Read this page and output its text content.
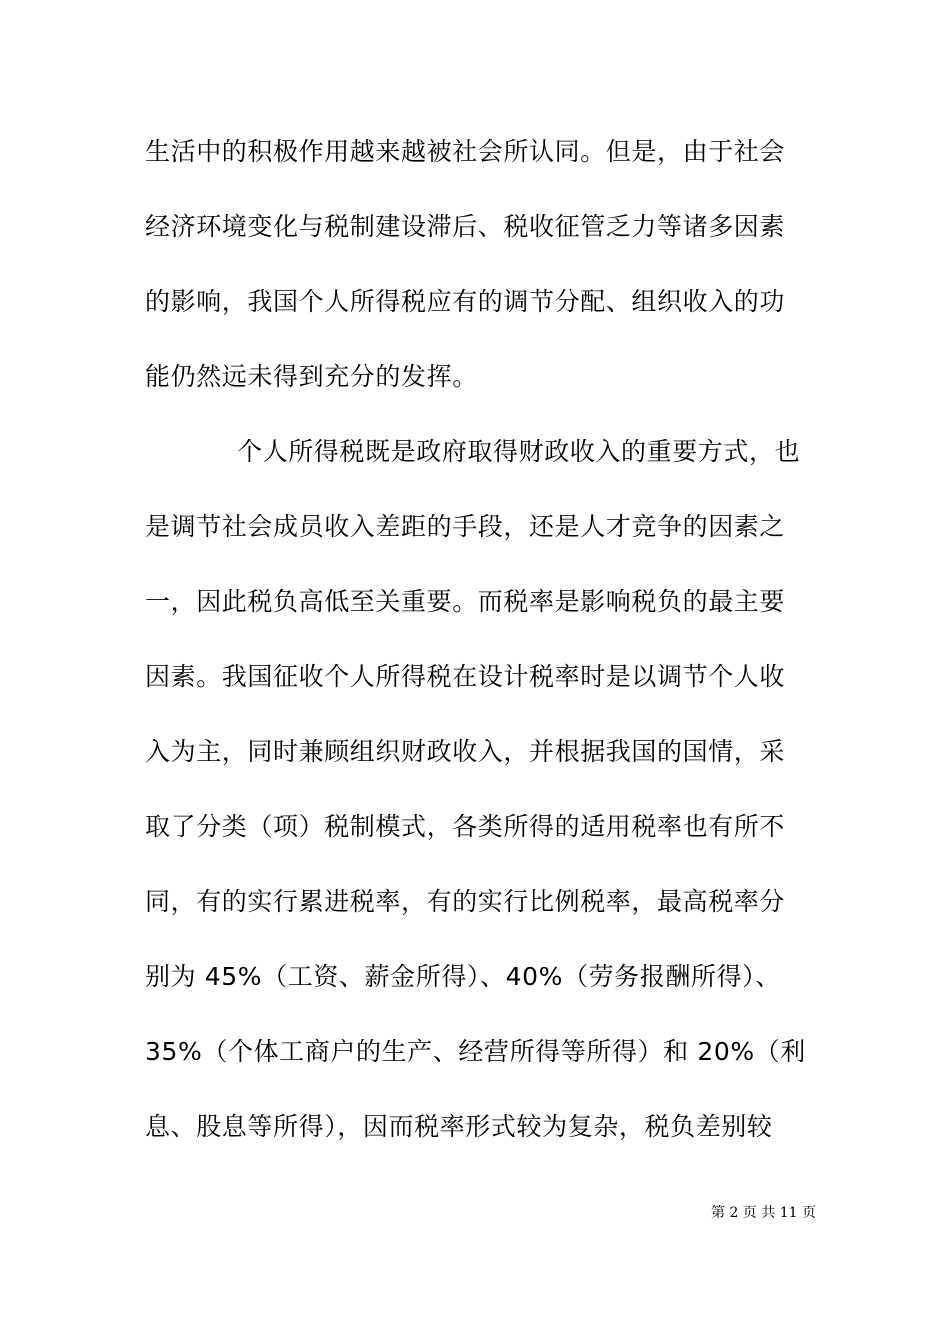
生活中的积极作用越来越被社会所认同。但是，由于社会
经济环境变化与税制建设滞后、税收征管乏力等诸多因素
的影响，我国个人所得税应有的调节分配、组织收入的功
能仍然远未得到充分的发挥。
个人所得税既是政府取得财政收入的重要方式，也
是调节社会成员收入差距的手段，还是人才竞争的因素之
一，因此税负高低至关重要。而税率是影响税负的最主要
因素。我国征收个人所得税在设计税率时是以调节个人收
入为主，同时兼顾组织财政收入，并根据我国的国情，采
取了分类（项）税制模式，各类所得的适用税率也有所不
同，有的实行累进税率，有的实行比例税率，最高税率分
别为 45%（工资、薪金所得）、40%（劳务报酬所得）、
35%（个体工商户的生产、经营所得等所得）和 20%（利
息、股息等所得），因而税率形式较为复杂，税负差别较
第 2 页 共 11 页
